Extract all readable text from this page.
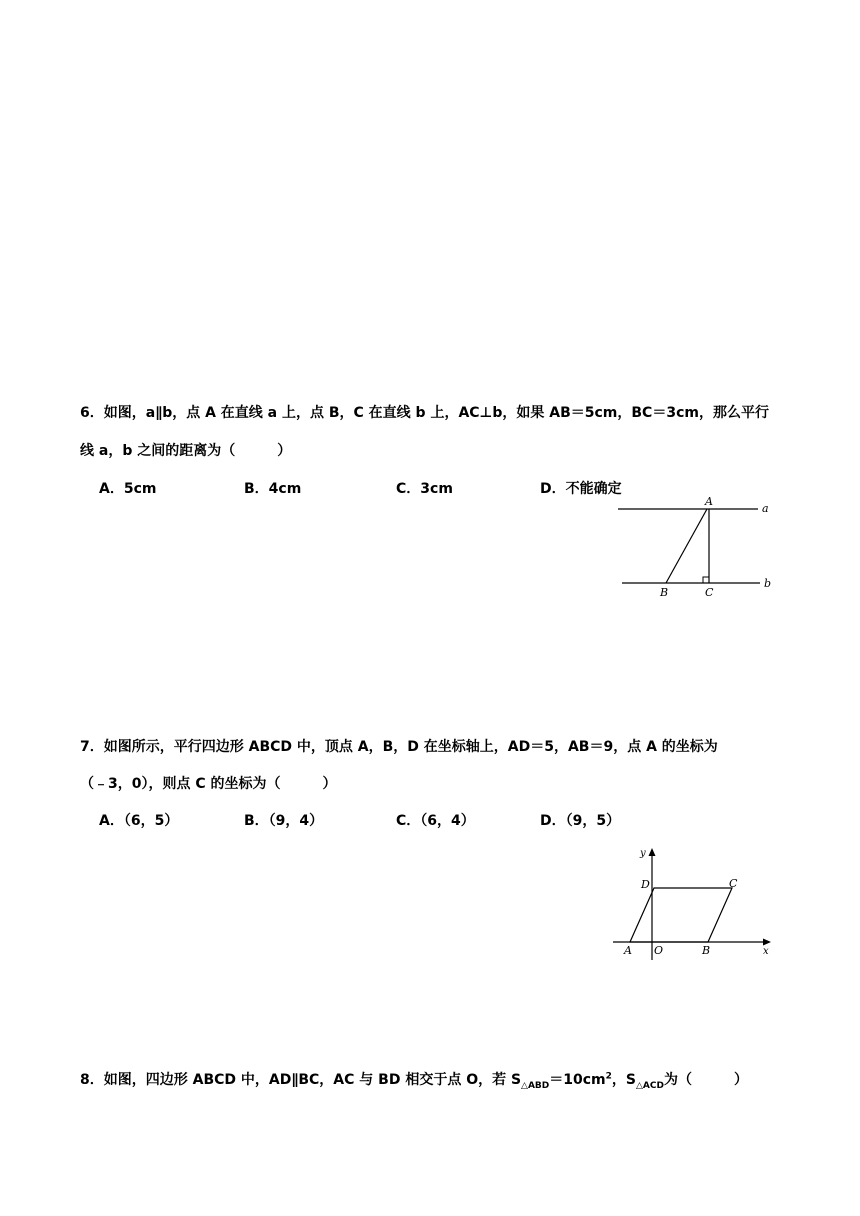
6．如图，a∥b，点 A 在直线 a 上，点 B，C 在直线 b 上，AC⊥b，如果 AB＝5cm，BC＝3cm，那么平行
线 a，b 之间的距离为（　　　）
A．5cm	B．4cm	C．3cm	D．不能确定
A
a
B	C
b
7．如图所示，平行四边形 ABCD 中，顶点 A，B，D 在坐标轴上，AD＝5，AB＝9，点 A 的坐标为
（﹣3，0），则点 C 的坐标为（　　　）
A．（6，5）	B．（9，4）	C．（6，4）	D．（9，5）
y
D	C
A O	B	x
8．如图，四边形 ABCD 中，AD∥BC，AC 与 BD 相交于点 O，若 $S_{\triangle ABD}=10cm^2$，$S_{\triangle ACD}$为（　　　）
